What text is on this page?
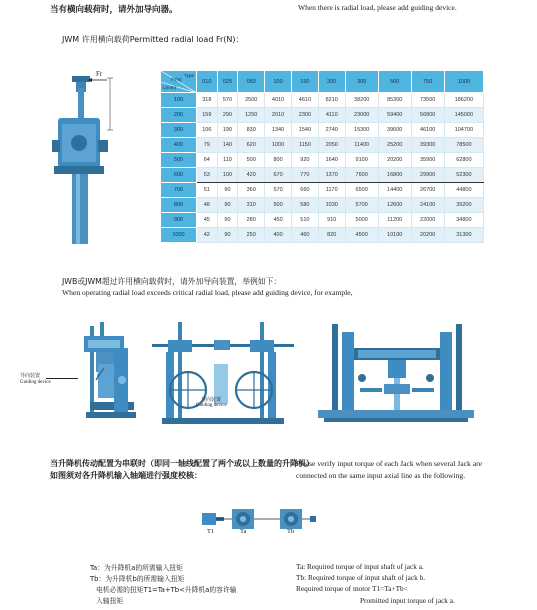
当有横向载荷时，请外加导向器。	When there is radial load, please add guiding device.
JWM 许用横向载荷Permitted radial load Fr(N)：
Fr	Type
Fr(N)
L(mm)	010	025	050	100	150	200	300	500	750	1000
100	318	570	2500	4010	4610	8210	38200	85300	73500	186200
200	159	290	1250	2010	2300	4110	23000	59400	56800	145000
300	106	190	830	1340	1540	2740	15300	39600	46100	104700
400	79	140	620	1000	1150	2050	11400	25200	39300	78500
500	64	110	500	800	920	1640	9100	20200	35900	62800
600	53	100	420	670	770	1370	7600	16800	29900	52300
700	51	90	360	570	660	1170	6500	14400	26700	44800
800	48	90	310	500	580	1030	5700	12600	24100	39200
900	45	90	280	450	510	910	5000	11200	22000	34800
1000	42	90	250	400	460	820	4500	10100	20200	31300
JWB或JWM超过许用横向载荷时，请外加导向装置，举例如下：
When operating radial load exceeds critical radial load, please add guiding device, for example,
导向装置
Guiding device
导向装置
Guiding device
当升降机传动配置为串联时（即同一轴线配置了两个或以上数量的升降机）如图须对各升降机输入轴端进行强度校核：
Please verify input torque of each Jack when several Jack are connected on the same input axial line as the following.
T1	Ta	Tb
Ta：为升降机a的所需输入扭矩
Tb：为升降机b的所需输入扭矩
电机必需的扭矩T1=Ta+Tb<升降机a的容许输
入轴扭矩
Ta: Required torque of input shaft of jack a.
Tb: Required torque of input shaft of jack b.
Required torque of motor T1=Ta+Tb<
Promitted input torque of jack a.
